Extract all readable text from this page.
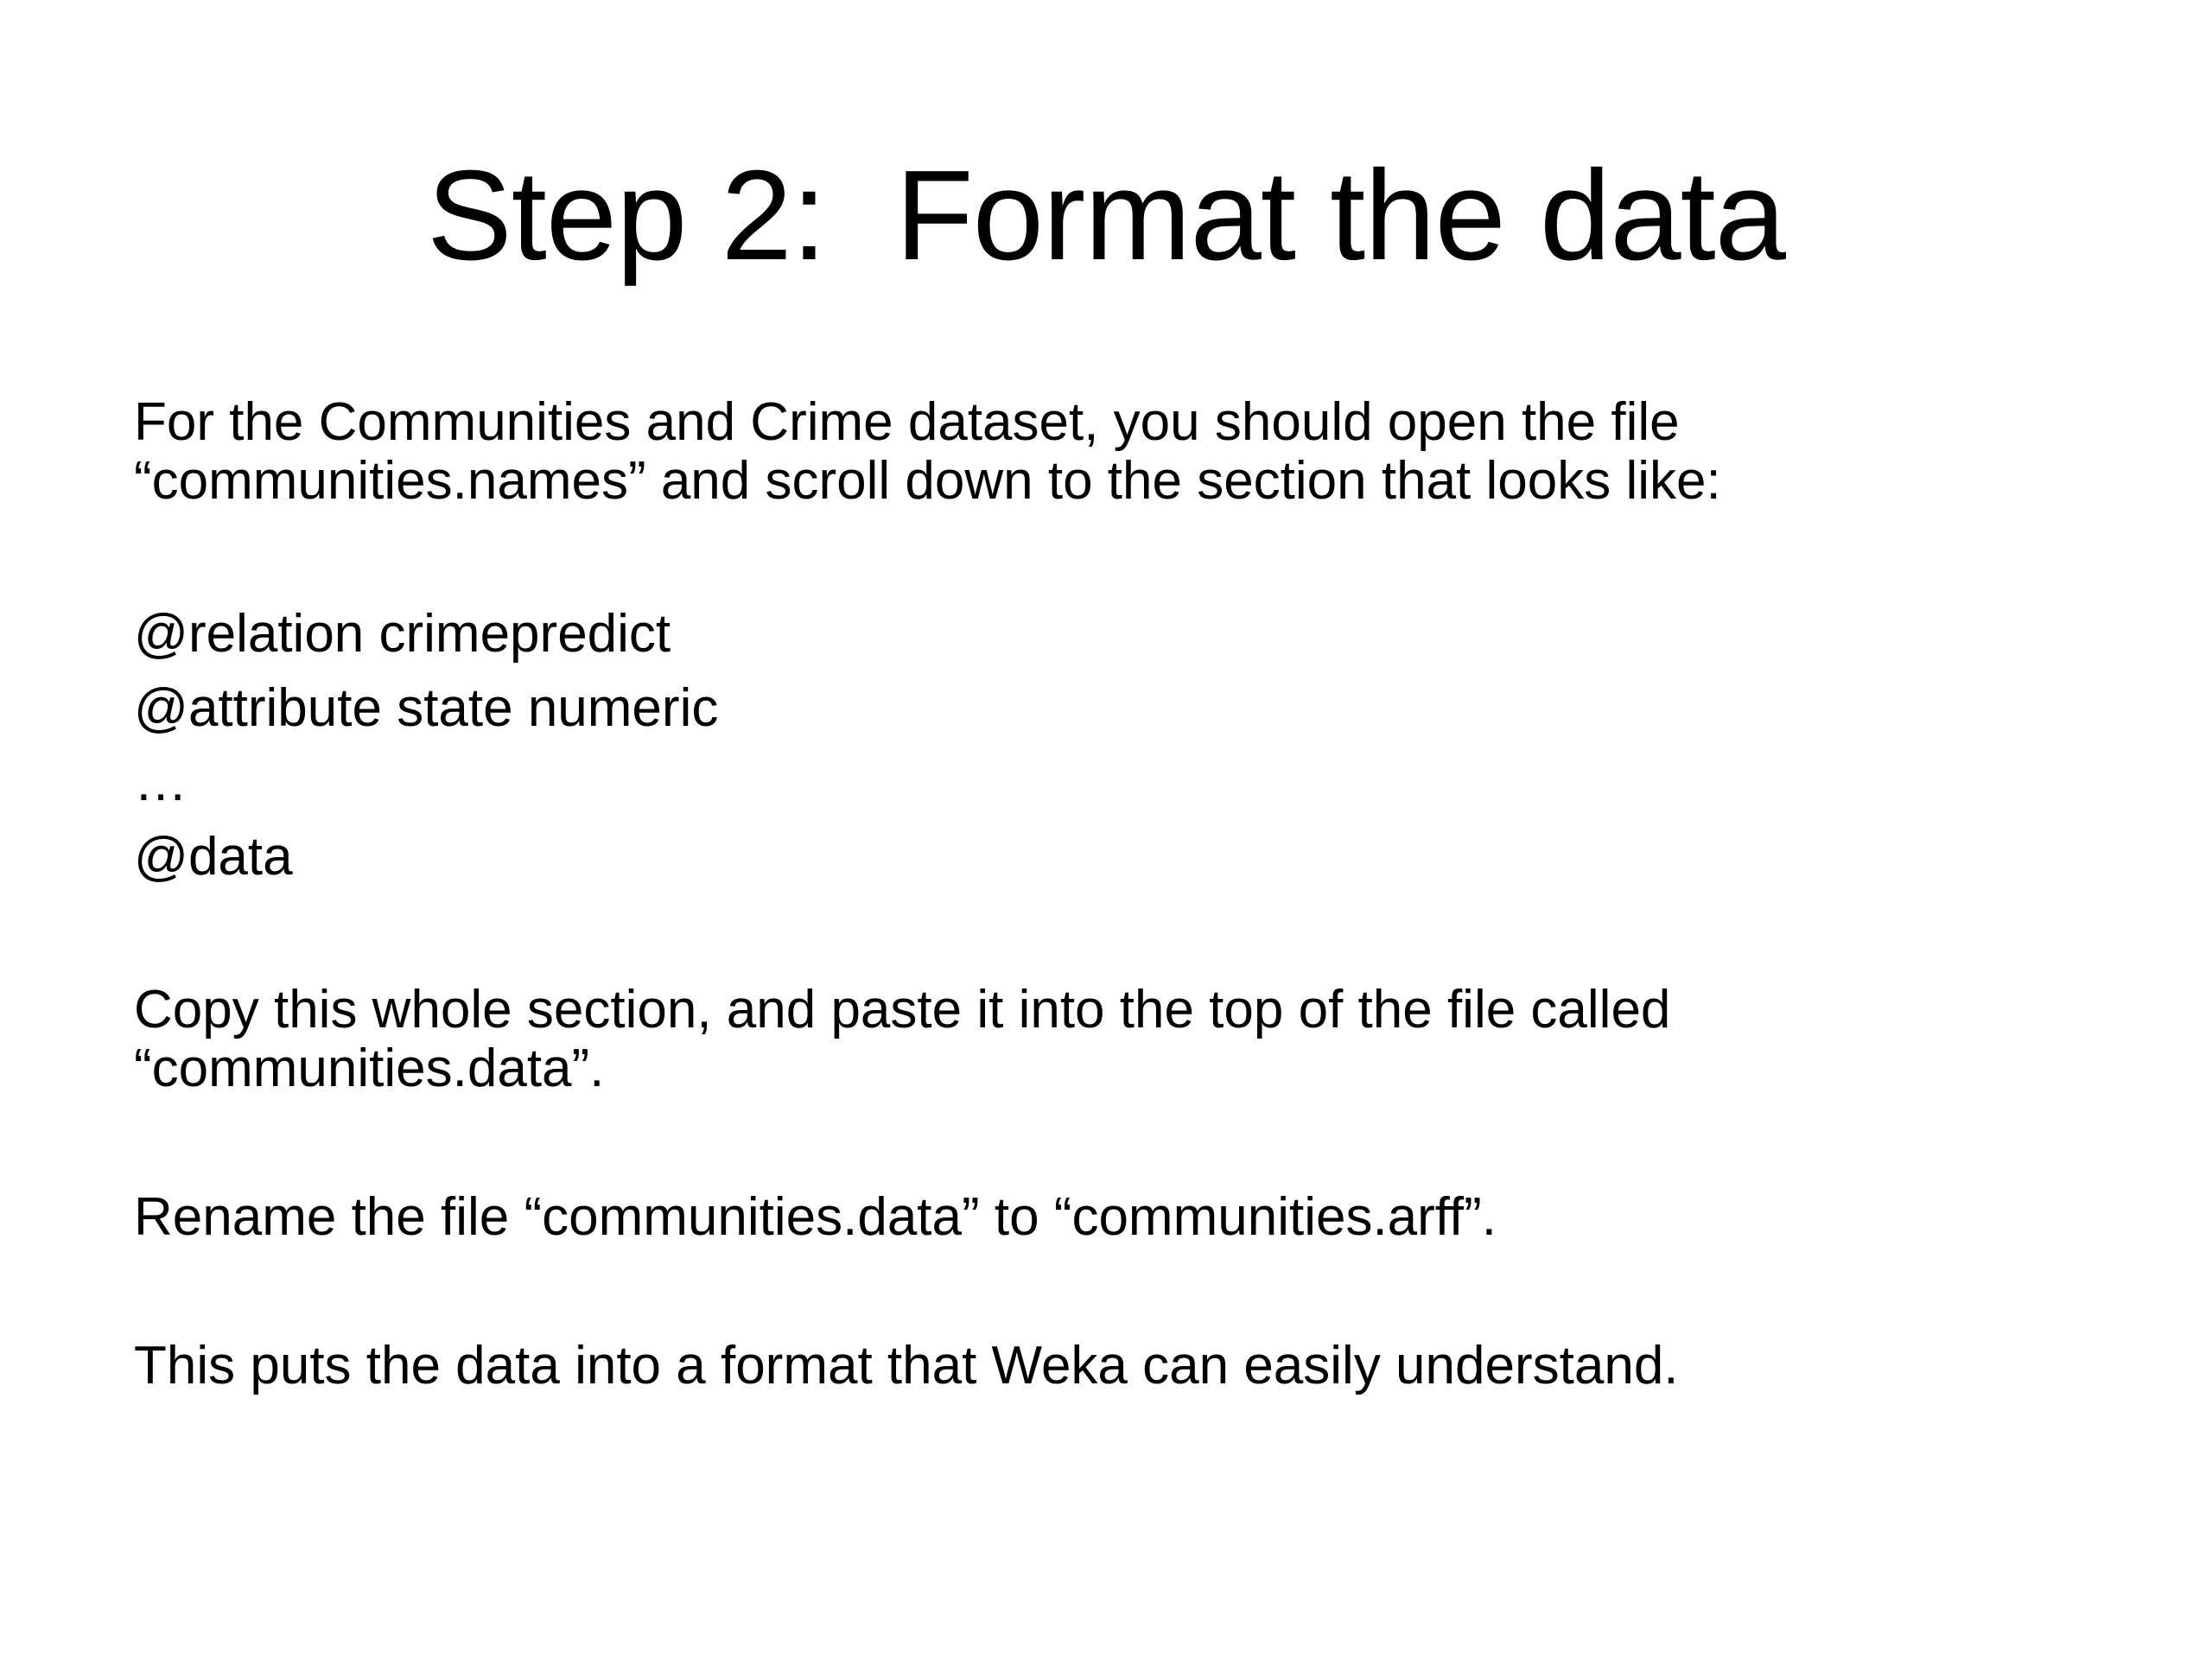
Step 2:  Format the data

For the Communities and Crime dataset, you should open the file
“communities.names” and scroll down to the section that looks like:

@relation crimepredict
@attribute state numeric
…
@data

Copy this whole section, and paste it into the top of the file called
“communities.data”.

Rename the file “communities.data” to “communities.arff”.

This puts the data into a format that Weka can easily understand.
